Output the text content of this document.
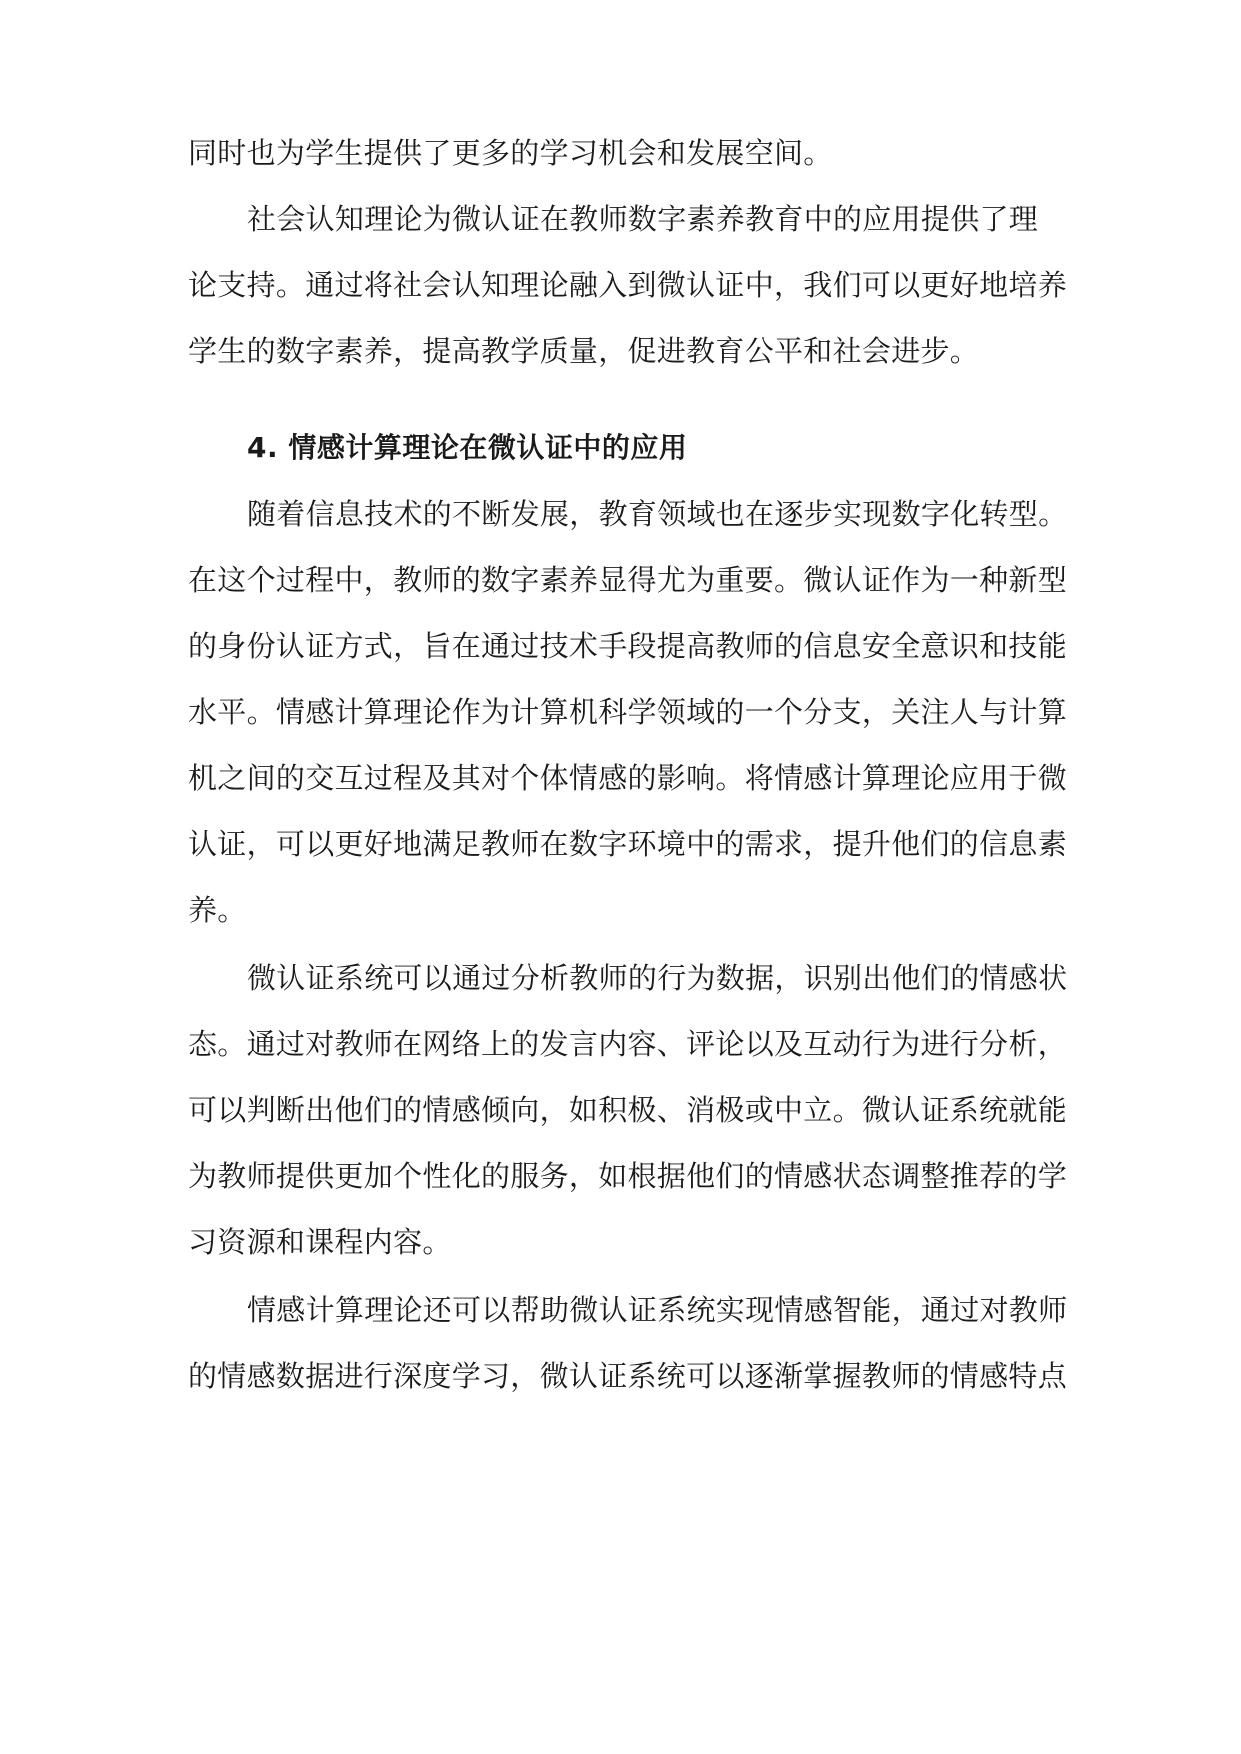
同时也为学生提供了更多的学习机会和发展空间。
社会认知理论为微认证在教师数字素养教育中的应用提供了理
论支持。通过将社会认知理论融入到微认证中，我们可以更好地培养
学生的数字素养，提高教学质量，促进教育公平和社会进步。
4. 情感计算理论在微认证中的应用
随着信息技术的不断发展，教育领域也在逐步实现数字化转型。
在这个过程中，教师的数字素养显得尤为重要。微认证作为一种新型
的身份认证方式，旨在通过技术手段提高教师的信息安全意识和技能
水平。情感计算理论作为计算机科学领域的一个分支，关注人与计算
机之间的交互过程及其对个体情感的影响。将情感计算理论应用于微
认证，可以更好地满足教师在数字环境中的需求，提升他们的信息素
养。
微认证系统可以通过分析教师的行为数据，识别出他们的情感状
态。通过对教师在网络上的发言内容、评论以及互动行为进行分析，
可以判断出他们的情感倾向，如积极、消极或中立。微认证系统就能
为教师提供更加个性化的服务，如根据他们的情感状态调整推荐的学
习资源和课程内容。
情感计算理论还可以帮助微认证系统实现情感智能，通过对教师
的情感数据进行深度学习，微认证系统可以逐渐掌握教师的情感特点
